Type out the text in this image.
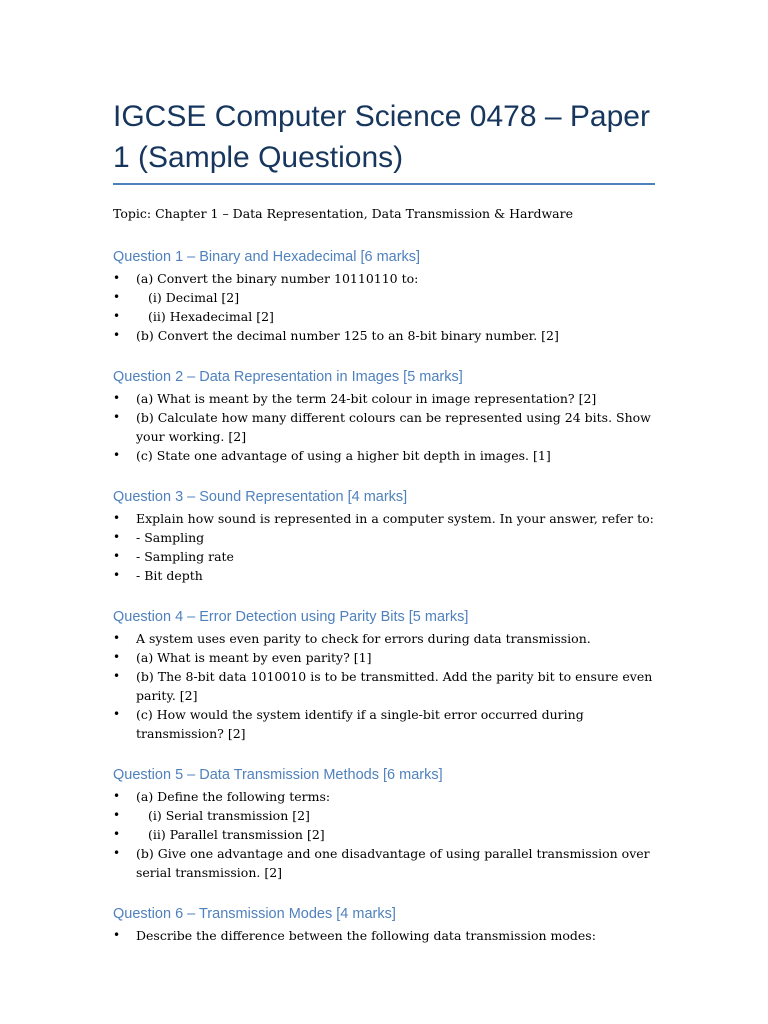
IGCSE Computer Science 0478 – Paper 1 (Sample Questions)

Topic: Chapter 1 – Data Representation, Data Transmission & Hardware

Question 1 – Binary and Hexadecimal [6 marks]
• (a) Convert the binary number 10110110 to:
• (i) Decimal [2]
• (ii) Hexadecimal [2]
• (b) Convert the decimal number 125 to an 8-bit binary number. [2]
Question 2 – Data Representation in Images [5 marks]
• (a) What is meant by the term 24-bit colour in image representation? [2]
• (b) Calculate how many different colours can be represented using 24 bits. Show your working. [2]
• (c) State one advantage of using a higher bit depth in images. [1]
Question 3 – Sound Representation [4 marks]
• Explain how sound is represented in a computer system. In your answer, refer to:
• - Sampling
• - Sampling rate
• - Bit depth
Question 4 – Error Detection using Parity Bits [5 marks]
• A system uses even parity to check for errors during data transmission.
• (a) What is meant by even parity? [1]
• (b) The 8-bit data 1010010 is to be transmitted. Add the parity bit to ensure even parity. [2]
• (c) How would the system identify if a single-bit error occurred during transmission? [2]
Question 5 – Data Transmission Methods [6 marks]
• (a) Define the following terms:
• (i) Serial transmission [2]
• (ii) Parallel transmission [2]
• (b) Give one advantage and one disadvantage of using parallel transmission over serial transmission. [2]
Question 6 – Transmission Modes [4 marks]
• Describe the difference between the following data transmission modes:
